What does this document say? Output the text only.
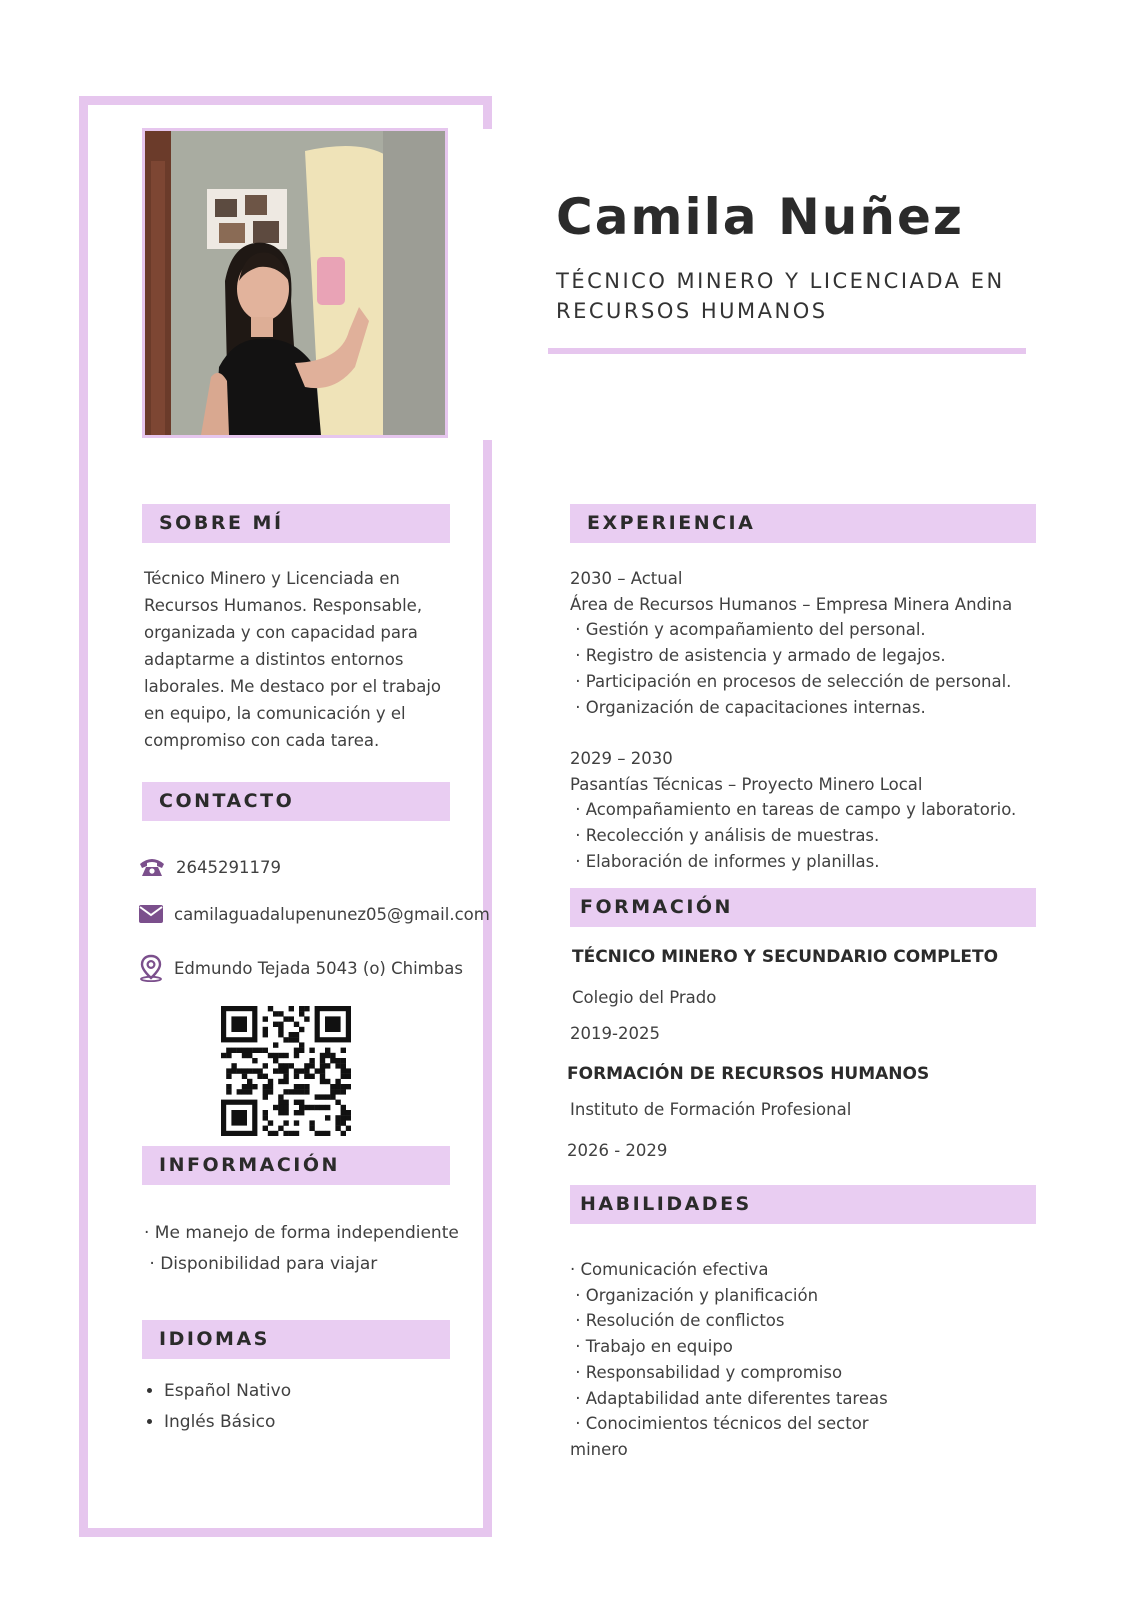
Camila Nuñez
TÉCNICO MINERO Y LICENCIADA EN
RECURSOS HUMANOS
SOBRE MÍ
Técnico Minero y Licenciada en
Recursos Humanos. Responsable,
organizada y con capacidad para
adaptarme a distintos entornos
laborales. Me destaco por el trabajo
en equipo, la comunicación y el
compromiso con cada tarea.
CONTACTO
2645291179
camilaguadalupenunez05@gmail.com
Edmundo Tejada 5043 (o) Chimbas
INFORMACIÓN
· Me manejo de forma independiente
· Disponibilidad para viajar
IDIOMAS
• Español Nativo
• Inglés Básico
EXPERIENCIA
2030 – Actual
Área de Recursos Humanos – Empresa Minera Andina
· Gestión y acompañamiento del personal.
· Registro de asistencia y armado de legajos.
· Participación en procesos de selección de personal.
· Organización de capacitaciones internas.
2029 – 2030
Pasantías Técnicas – Proyecto Minero Local
· Acompañamiento en tareas de campo y laboratorio.
· Recolección y análisis de muestras.
· Elaboración de informes y planillas.
FORMACIÓN
TÉCNICO MINERO Y SECUNDARIO COMPLETO
Colegio del Prado
2019-2025
FORMACIÓN DE RECURSOS HUMANOS
Instituto de Formación Profesional
2026 - 2029
HABILIDADES
· Comunicación efectiva
· Organización y planificación
· Resolución de conflictos
· Trabajo en equipo
· Responsabilidad y compromiso
· Adaptabilidad ante diferentes tareas
· Conocimientos técnicos del sector
minero
